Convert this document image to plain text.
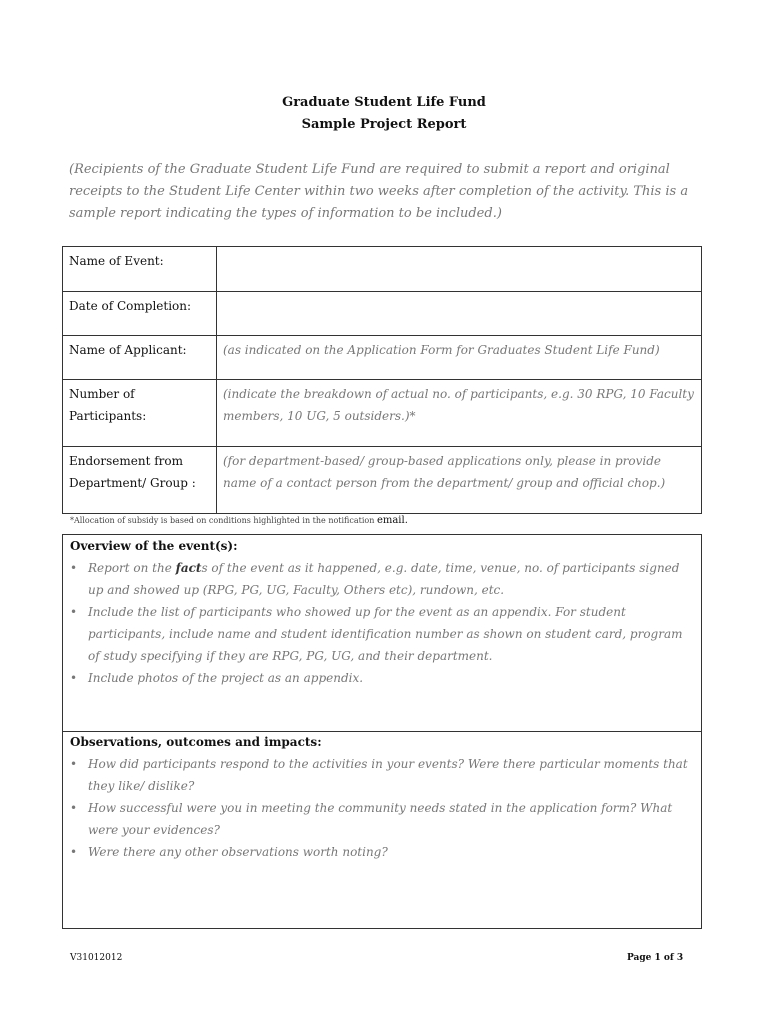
Graduate Student Life Fund
Sample Project Report
(Recipients of the Graduate Student Life Fund are required to submit a report and original receipts to the Student Life Center within two weeks after completion of the activity. This is a sample report indicating the types of information to be included.)
Name of Event:	
Date of Completion:	
Name of Applicant:	(as indicated on the Application Form for Graduates Student Life Fund)
Number of Participants:	(indicate the breakdown of actual no. of participants, e.g. 30 RPG, 10 Faculty members, 10 UG, 5 outsiders.)*
Endorsement from Department/ Group :	(for department-based/ group-based applications only, please in provide name of a contact person from the department/ group and official chop.)
*Allocation of subsidy is based on conditions highlighted in the notification email.
Overview of the event(s):
• Report on the facts of the event as it happened, e.g. date, time, venue, no. of participants signed up and showed up (RPG, PG, UG, Faculty, Others etc), rundown, etc.
• Include the list of participants who showed up for the event as an appendix. For student participants, include name and student identification number as shown on student card, program of study specifying if they are RPG, PG, UG, and their department.
• Include photos of the project as an appendix.
Observations, outcomes and impacts:
• How did participants respond to the activities in your events? Were there particular moments that they like/ dislike?
• How successful were you in meeting the community needs stated in the application form? What were your evidences?
• Were there any other observations worth noting?
V31012012	Page 1 of 3
